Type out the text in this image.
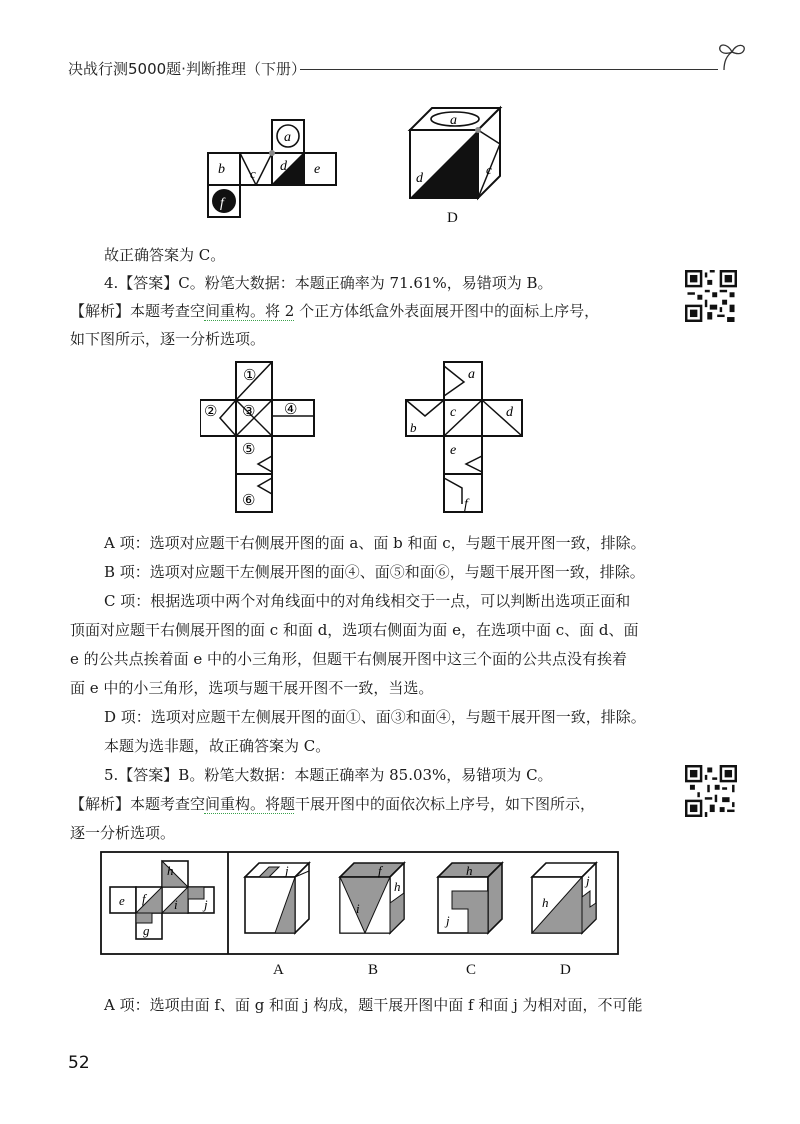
决战行测5000题·判断推理（下册）
a
b c d e
f
a
d
c
D
故正确答案为 C。
4.【答案】C。粉笔大数据：本题正确率为 71.61%，易错项为 B。
【解析】本题考查空间重构。将 2 个正方体纸盒外表面展开图中的面标上序号，
如下图所示，逐一分析选项。
①
② ③ ④
⑤
⑥
a
b
c	d
e
f
A 项：选项对应题干右侧展开图的面 a、面 b 和面 c，与题干展开图一致，排除。
B 项：选项对应题干左侧展开图的面④、面⑤和面⑥，与题干展开图一致，排除。
C 项：根据选项中两个对角线面中的对角线相交于一点，可以判断出选项正面和
顶面对应题干右侧展开图的面 c 和面 d，选项右侧面为面 e，在选项中面 c、面 d、面
e 的公共点挨着面 e 中的小三角形，但题干右侧展开图中这三个面的公共点没有挨着
面 e 中的小三角形，选项与题干展开图不一致，当选。
D 项：选项对应题干左侧展开图的面①、面③和面④，与题干展开图一致，排除。
本题为选非题，故正确答案为 C。
5.【答案】B。粉笔大数据：本题正确率为 85.03%，易错项为 C。
【解析】本题考查空间重构。将题干展开图中的面依次标上序号，如下图所示，
逐一分析选项。
h
e f i j
g
j	f
h
i
h
j
j
h
A	B	C	D
A 项：选项由面 f、面 g 和面 j 构成，题干展开图中面 f 和面 j 为相对面，不可能
52
